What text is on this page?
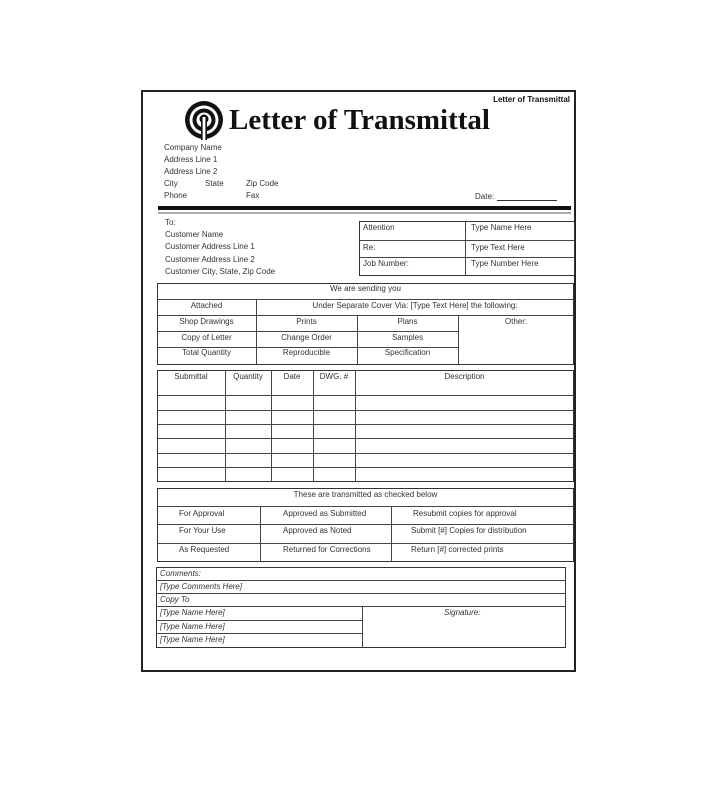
Letter of Transmittal
Letter of Transmittal
Company Name
Address Line 1
Address Line 2
City	State	Zip Code
Phone	Fax	Date:
To:
Customer Name
Customer Address Line 1
Customer Address Line 2
Customer City, State, Zip Code
Attention	Type Name Here
Re:	Type Text Here
Job Number:	Type Number Here
We are sending you
Attached	Under Separate Cover Via: [Type Text Here] the following:
Shop Drawings	Prints	Plans	Other:
Copy of Letter	Change Order	Samples
Total Quantity	Reproducible	Specification
Submittal	Quantity	Date	DWG. #	Description
These are transmitted as checked below
For Approval	Approved as Submitted	Resubmit copies for approval
For Your Use	Approved as Noted	Submit [#] Copies for distribution
As Requested	Returned for Corrections	Return [#] corrected prints
Comments:
[Type Comments Here]
Copy To
[Type Name Here]
[Type Name Here]
[Type Name Here]
Signature:
